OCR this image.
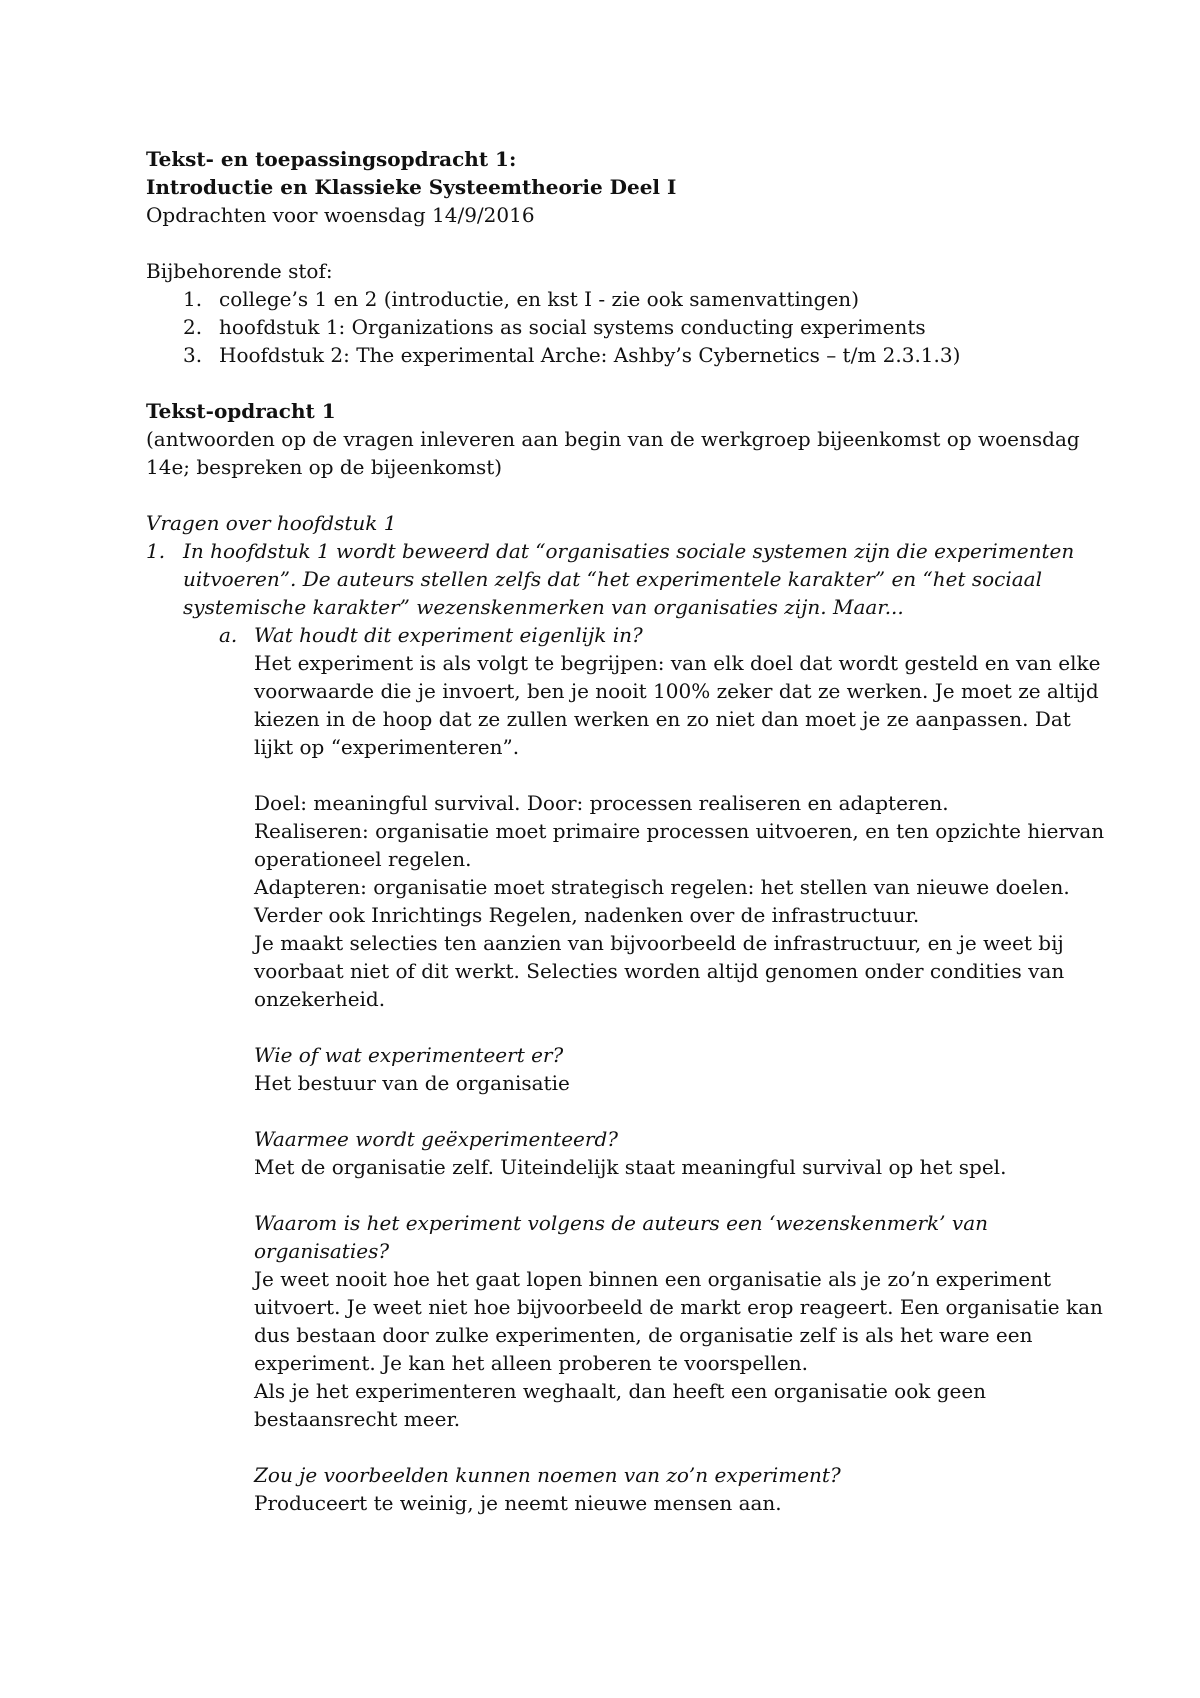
Tekst- en toepassingsopdracht 1:
Introductie en Klassieke Systeemtheorie Deel I
Opdrachten voor woensdag 14/9/2016
Bijbehorende stof:
1. college’s 1 en 2 (introductie, en kst I - zie ook samenvattingen)
2. hoofdstuk 1: Organizations as social systems conducting experiments
3. Hoofdstuk 2: The experimental Arche: Ashby’s Cybernetics – t/m 2.3.1.3)
Tekst-opdracht 1
(antwoorden op de vragen inleveren aan begin van de werkgroep bijeenkomst op woensdag
14e; bespreken op de bijeenkomst)
Vragen over hoofdstuk 1
1. In hoofdstuk 1 wordt beweerd dat “organisaties sociale systemen zijn die experimenten
uitvoeren”. De auteurs stellen zelfs dat “het experimentele karakter” en “het sociaal
systemische karakter” wezenskenmerken van organisaties zijn. Maar...
a. Wat houdt dit experiment eigenlijk in?
Het experiment is als volgt te begrijpen: van elk doel dat wordt gesteld en van elke
voorwaarde die je invoert, ben je nooit 100% zeker dat ze werken. Je moet ze altijd
kiezen in de hoop dat ze zullen werken en zo niet dan moet je ze aanpassen. Dat
lijkt op “experimenteren”.
Doel: meaningful survival. Door: processen realiseren en adapteren.
Realiseren: organisatie moet primaire processen uitvoeren, en ten opzichte hiervan
operationeel regelen.
Adapteren: organisatie moet strategisch regelen: het stellen van nieuwe doelen.
Verder ook Inrichtings Regelen, nadenken over de infrastructuur.
Je maakt selecties ten aanzien van bijvoorbeeld de infrastructuur, en je weet bij
voorbaat niet of dit werkt. Selecties worden altijd genomen onder condities van
onzekerheid.
Wie of wat experimenteert er?
Het bestuur van de organisatie
Waarmee wordt geëxperimenteerd?
Met de organisatie zelf. Uiteindelijk staat meaningful survival op het spel.
Waarom is het experiment volgens de auteurs een ‘wezenskenmerk’ van
organisaties?
Je weet nooit hoe het gaat lopen binnen een organisatie als je zo’n experiment
uitvoert. Je weet niet hoe bijvoorbeeld de markt erop reageert. Een organisatie kan
dus bestaan door zulke experimenten, de organisatie zelf is als het ware een
experiment. Je kan het alleen proberen te voorspellen.
Als je het experimenteren weghaalt, dan heeft een organisatie ook geen
bestaansrecht meer.
Zou je voorbeelden kunnen noemen van zo’n experiment?
Produceert te weinig, je neemt nieuwe mensen aan.
